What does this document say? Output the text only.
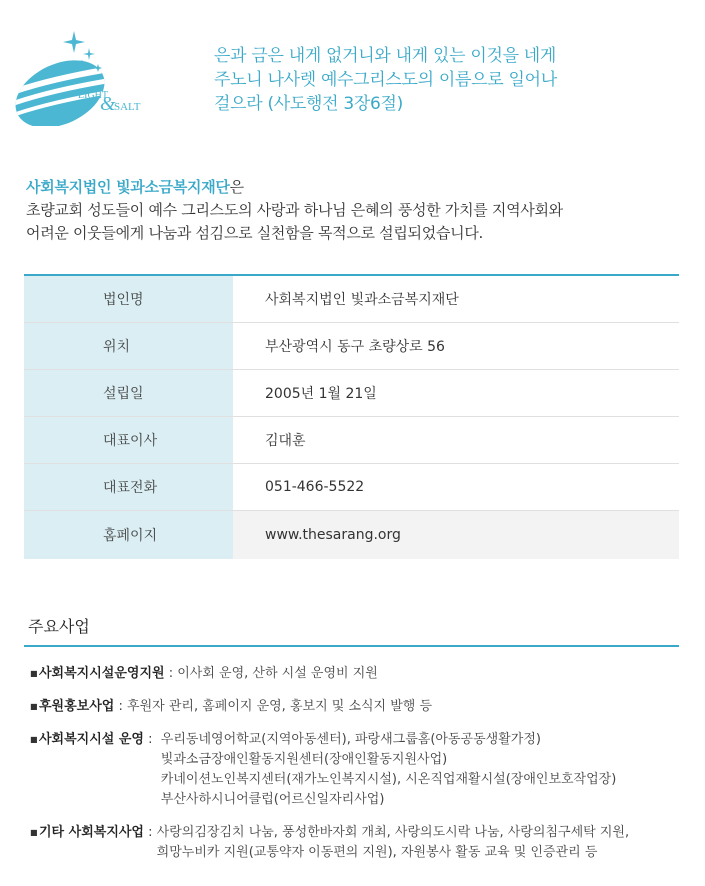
LIGHT
&
SALT
은과 금은 내게 없거니와 내게 있는 이것을 네게
주노니 나사렛 예수그리스도의 이름으로 일어나
걸으라 (사도행전 3장6절)
사회복지법인 빛과소금복지재단은
초량교회 성도들이 예수 그리스도의 사랑과 하나님 은혜의 풍성한 가치를 지역사회와
어려운 이웃들에게 나눔과 섬김으로 실천함을 목적으로 설립되었습니다.
법인명	사회복지법인 빛과소금복지재단
위치	부산광역시 동구 초량상로 56
설립일	2005년 1월 21일
대표이사	김대훈
대표전화	051-466-5522
홈페이지	www.thesarang.org
주요사업
■ 사회복지시설운영지원 : 이사회 운영, 산하 시설 운영비 지원
■ 후원홍보사업 : 후원자 관리, 홈페이지 운영, 홍보지 및 소식지 발행 등
■ 사회복지시설 운영 : 우리동네영어학교(지역아동센터), 파랑새그룹홈(아동공동생활가정)
빛과소금장애인활동지원센터(장애인활동지원사업)
카네이션노인복지센터(재가노인복지시설), 시온직업재활시설(장애인보호작업장)
부산사하시니어클럽(어르신일자리사업)
■ 기타 사회복지사업 : 사랑의김장김치 나눔, 풍성한바자회 개최, 사랑의도시락 나눔, 사랑의침구세탁 지원,
희망누비카 지원(교통약자 이동편의 지원), 자원봉사 활동 교육 및 인증관리 등
